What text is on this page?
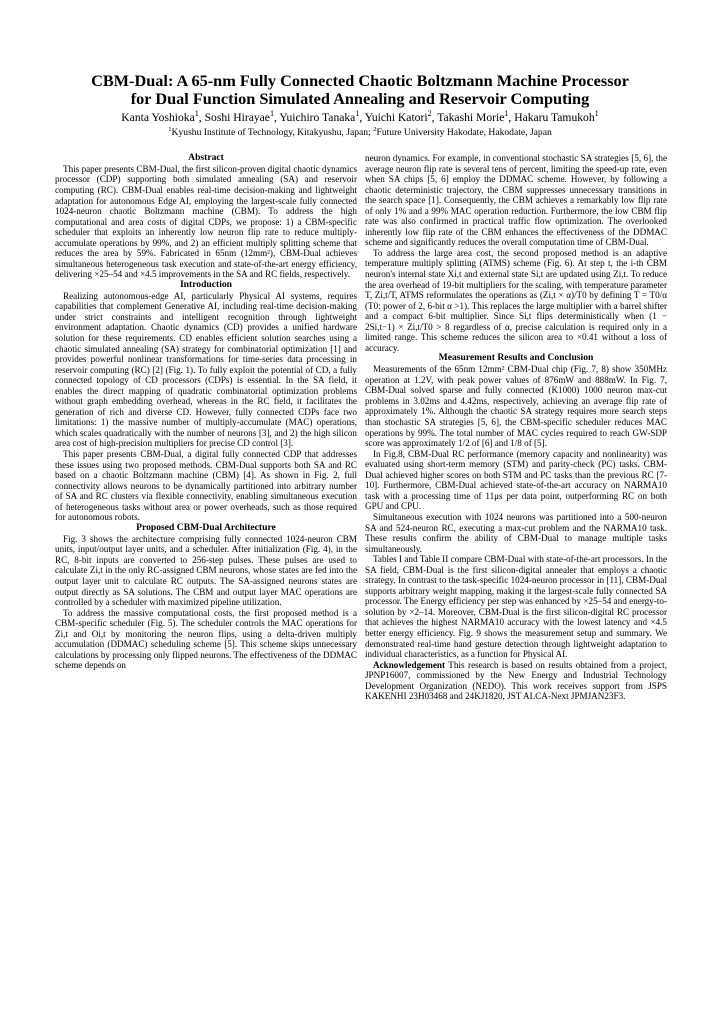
CBM-Dual: A 65-nm Fully Connected Chaotic Boltzmann Machine Processor
for Dual Function Simulated Annealing and Reservoir Computing
Kanta Yoshioka$^1$, Soshi Hirayae$^1$, Yuichiro Tanaka$^1$, Yuichi Katori$^2$, Takashi Morie$^1$, Hakaru Tamukoh$^1$
$^1$Kyushu Institute of Technology, Kitakyushu, Japan; $^2$Future University Hakodate, Hakodate, Japan
Abstract

This paper presents CBM-Dual, the first silicon-proven digital chaotic dynamics processor (CDP) supporting both simulated annealing (SA) and reservoir computing (RC). CBM-Dual enables real-time decision-making and lightweight adaptation for autonomous Edge AI, employing the largest-scale fully connected 1024-neuron chaotic Boltzmann machine (CBM). To address the high computational and area costs of digital CDPs, we propose: 1) a CBM-specific scheduler that exploits an inherently low neuron flip rate to reduce multiply-accumulate operations by 99%, and 2) an efficient multiply splitting scheme that reduces the area by 59%. Fabricated in 65nm (12mm²), CBM-Dual achieves simultaneous heterogeneous task execution and state-of-the-art energy efficiency, delivering ×25–54 and ×4.5 improvements in the SA and RC fields, respectively.

Introduction

Realizing autonomous-edge AI, particularly Physical AI systems, requires capabilities that complement Generative AI, including real-time decision-making under strict constraints and intelligent recognition through lightweight environment adaptation. Chaotic dynamics (CD) provides a unified hardware solution for these requirements. CD enables efficient solution searches using a chaotic simulated annealing (SA) strategy for combinatorial optimization [1] and provides powerful nonlinear transformations for time-series data processing in reservoir computing (RC) [2] (Fig. 1). To fully exploit the potential of CD, a fully connected topology of CD processors (CDPs) is essential. In the SA field, it enables the direct mapping of quadratic combinatorial optimization problems without graph embedding overhead, whereas in the RC field, it facilitates the generation of rich and diverse CD. However, fully connected CDPs face two limitations: 1) the massive number of multiply-accumulate (MAC) operations, which scales quadratically with the number of neurons [3], and 2) the high silicon area cost of high-precision multipliers for precise CD control [3].

This paper presents CBM-Dual, a digital fully connected CDP that addresses these issues using two proposed methods. CBM-Dual supports both SA and RC based on a chaotic Boltzmann machine (CBM) [4]. As shown in Fig. 2, full connectivity allows neurons to be dynamically partitioned into arbitrary number of SA and RC clusters via flexible connectivity, enabling simultaneous execution of heterogeneous tasks without area or power overheads, such as those required for autonomous robots.

Proposed CBM-Dual Architecture

Fig. 3 shows the architecture comprising fully connected 1024-neuron CBM units, input/output layer units, and a scheduler. After initialization (Fig. 4), in the RC, 8-bit inputs are converted to 256-step pulses. These pulses are used to calculate Zi,t in the only RC-assigned CBM neurons, whose states are fed into the output layer unit to calculate RC outputs. The SA-assigned neurons states are output directly as SA solutions. The CBM and output layer MAC operations are controlled by a scheduler with maximized pipeline utilization.

To address the massive computational costs, the first proposed method is a CBM-specific scheduler (Fig. 5). The scheduler controls the MAC operations for Zi,t and Oi,t by monitoring the neuron flips, using a delta-driven multiply accumulation (DDMAC) scheduling scheme [5]. This scheme skips unnecessary calculations by processing only flipped neurons. The effectiveness of the DDMAC scheme depends on

neuron dynamics. For example, in conventional stochastic SA strategies [5, 6], the average neuron flip rate is several tens of percent, limiting the speed-up rate, even when SA chips [5, 6] employ the DDMAC scheme. However, by following a chaotic deterministic trajectory, the CBM suppresses unnecessary transitions in the search space [1]. Consequently, the CBM achieves a remarkably low flip rate of only 1% and a 99% MAC operation reduction. Furthermore, the low CBM flip rate was also confirmed in practical traffic flow optimization. The overlooked inherently low flip rate of the CBM enhances the effectiveness of the DDMAC scheme and significantly reduces the overall computation time of CBM-Dual.

To address the large area cost, the second proposed method is an adaptive temperature multiply splitting (ATMS) scheme (Fig. 6). At step t, the i-th CBM neuron's internal state Xi,t and external state Si,t are updated using Zi,t. To reduce the area overhead of 19-bit multipliers for the scaling, with temperature parameter T, Zi,t/T, ATMS reformulates the operations as (Zi,t × α)/T0 by defining T = T0/α (T0: power of 2, 6-bit α >1). This replaces the large multiplier with a barrel shifter and a compact 6-bit multiplier. Since Si,t flips deterministically when (1 − 2Si,t−1) × Zi,t/T0 > 8 regardless of α, precise calculation is required only in a limited range. This scheme reduces the silicon area to ×0.41 without a loss of accuracy.

Measurement Results and Conclusion

Measurements of the 65nm 12mm² CBM-Dual chip (Fig. 7, 8) show 350MHz operation at 1.2V, with peak power values of 876mW and 888mW. In Fig. 7, CBM-Dual solved sparse and fully connected (K1000) 1000 neuron max-cut problems in 3.02ms and 4.42ms, respectively, achieving an average flip rate of approximately 1%. Although the chaotic SA strategy requires more search steps than stochastic SA strategies [5, 6], the CBM-specific scheduler reduces MAC operations by 99%. The total number of MAC cycles required to reach GW-SDP score was approximately 1/2 of [6] and 1/8 of [5].

In Fig.8, CBM-Dual RC performance (memory capacity and nonlinearity) was evaluated using short-term memory (STM) and parity-check (PC) tasks. CBM-Dual achieved higher scores on both STM and PC tasks than the previous RC [7-10]. Furthermore, CBM-Dual achieved state-of-the-art accuracy on NARMA10 task with a processing time of 11μs per data point, outperforming RC on both GPU and CPU.

Simultaneous execution with 1024 neurons was partitioned into a 500-neuron SA and 524-neuron RC, executing a max-cut problem and the NARMA10 task. These results confirm the ability of CBM-Dual to manage multiple tasks simultaneously.

Tables I and Table II compare CBM-Dual with state-of-the-art processors. In the SA field, CBM-Dual is the first silicon-digital annealer that employs a chaotic strategy. In contrast to the task-specific 1024-neuron processor in [11], CBM-Dual supports arbitrary weight mapping, making it the largest-scale fully connected SA processor. The Energy efficiency per step was enhanced by ×25–54 and energy-to-solution by ×2–14. Moreover, CBM-Dual is the first silicon-digital RC processor that achieves the highest NARMA10 accuracy with the lowest latency and ×4.5 better energy efficiency. Fig. 9 shows the measurement setup and summary. We demonstrated real-time hand gesture detection through lightweight adaptation to individual characteristics, as a function for Physical AI.

Acknowledgement This research is based on results obtained from a project, JPNP16007, commissioned by the New Energy and Industrial Technology Development Organization (NEDO). This work receives support from JSPS KAKENHI 23H03468 and 24KJ1820, JST ALCA-Next JPMJAN23F3.
